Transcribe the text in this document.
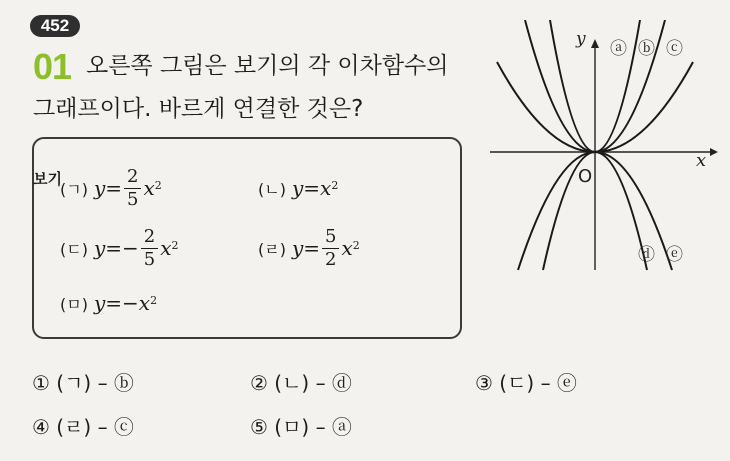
452
01 오른쪽 그림은 보기의 각 이차함수의
그래프이다. 바르게 연결한 것은?
보기
(ㄱ) $y = \frac{2}{5} x^2$	(ㄴ) $y = x^2$
(ㄷ) y = − $\frac{2}{5} x^2$	(ㄹ) $y = \frac{5}{2} x^2$
(ㅁ) y = − $x^2$
x
y
O
ⓐ ⓑ ⓒ
ⓓ ⓔ
① (ㄱ) – ⓑ	② (ㄴ) – ⓓ	③ (ㄷ) – ⓔ
④ (ㄹ) – ⓒ	⑤ (ㅁ) – ⓐ
